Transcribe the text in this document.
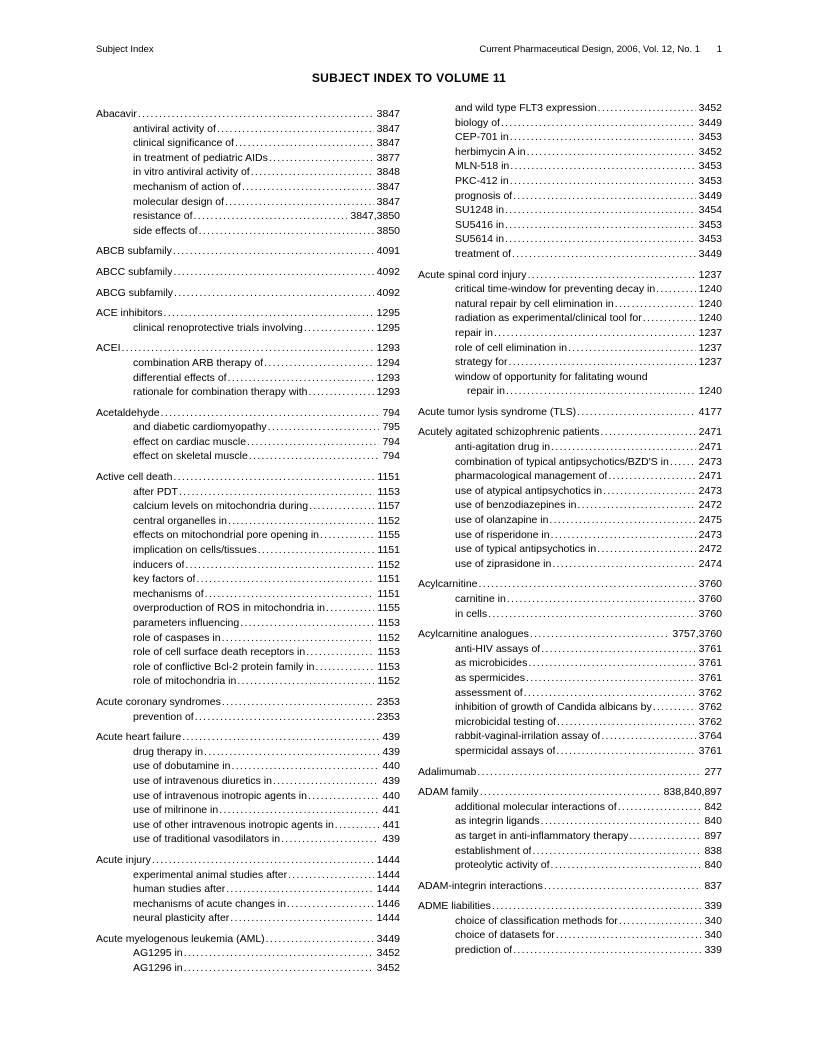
Subject Index	Current Pharmaceutical Design, 2006, Vol. 12, No. 1 1
SUBJECT INDEX TO VOLUME 11
Abacavir .....	3847
antiviral activity of .....	3847
clinical significance of .....	3847
in treatment of pediatric AIDs .....	3877
in vitro antiviral activity of .....	3848
mechanism of action of .....	3847
molecular design of .....	3847
resistance of .....	3847,3850
side effects of .....	3850
ABCB subfamily .....	4091
ABCC subfamily .....	4092
ABCG subfamily .....	4092
ACE inhibitors .....	1295
clinical renoprotective trials involving .....	1295
ACEI .....	1293
combination ARB therapy of .....	1294
differential effects of .....	1293
rationale for combination therapy with .....	1293
Acetaldehyde .....	794
and diabetic cardiomyopathy .....	795
effect on cardiac muscle .....	794
effect on skeletal muscle .....	794
Active cell death .....	1151
after PDT .....	1153
calcium levels on mitochondria during .....	1157
central organelles in .....	1152
effects on mitochondrial pore opening in .....	1155
implication on cells/tissues .....	1151
inducers of .....	1152
key factors of .....	1151
mechanisms of .....	1151
overproduction of ROS in mitochondria in .....	1155
parameters influencing .....	1153
role of caspases in .....	1152
role of cell surface death receptors in .....	1153
role of conflictive Bcl-2 protein family in .....	1153
role of mitochondria in .....	1152
Acute coronary syndromes .....	2353
prevention of .....	2353
Acute heart failure .....	439
drug therapy in .....	439
use of dobutamine in .....	440
use of intravenous diuretics in .....	439
use of intravenous inotropic agents in .....	440
use of milrinone in .....	441
use of other intravenous inotropic agents in .....	441
use of traditional vasodilators in .....	439
Acute injury .....	1444
experimental animal studies after .....	1444
human studies after .....	1444
mechanisms of acute changes in .....	1446
neural plasticity after .....	1444
Acute myelogenous leukemia (AML) .....	3449
AG1295 in .....	3452
AG1296 in .....	3452
and wild type FLT3 expression .....	3452
biology of .....	3449
CEP-701 in .....	3453
herbimycin A in .....	3452
MLN-518 in .....	3453
PKC-412 in .....	3453
prognosis of .....	3449
SU1248 in .....	3454
SU5416 in .....	3453
SU5614 in .....	3453
treatment of .....	3449
Acute spinal cord injury .....	1237
critical time-window for preventing decay in .....	1240
natural repair by cell elimination in .....	1240
radiation as experimental/clinical tool for .....	1240
repair in .....	1237
role of cell elimination in .....	1237
strategy for .....	1237
window of opportunity for falitating wound
repair in .....	1240
Acute tumor lysis syndrome (TLS) .....	4177
Acutely agitated schizophrenic patients .....	2471
anti-agitation drug in .....	2471
combination of typical antipsychotics/BZD'S in .....	2473
pharmacological management of .....	2471
use of atypical antipsychotics in .....	2473
use of benzodiazepines in .....	2472
use of olanzapine in .....	2475
use of risperidone in .....	2473
use of typical antipsychotics in .....	2472
use of ziprasidone in .....	2474
Acylcarnitine .....	3760
carnitine in .....	3760
in cells .....	3760
Acylcarnitine analogues .....	3757,3760
anti-HIV assays of .....	3761
as microbicides .....	3761
as spermicides .....	3761
assessment of .....	3762
inhibition of growth of Candida albicans by .....	3762
microbicidal testing of .....	3762
rabbit-vaginal-irrilation assay of .....	3764
spermicidal assays of .....	3761
Adalimumab .....	277
ADAM family .....	838,840,897
additional molecular interactions of .....	842
as integrin ligands .....	840
as target in anti-inflammatory therapy .....	897
establishment of .....	838
proteolytic activity of .....	840
ADAM-integrin interactions .....	837
ADME liabilities .....	339
choice of classification methods for .....	340
choice of datasets for .....	340
prediction of .....	339
